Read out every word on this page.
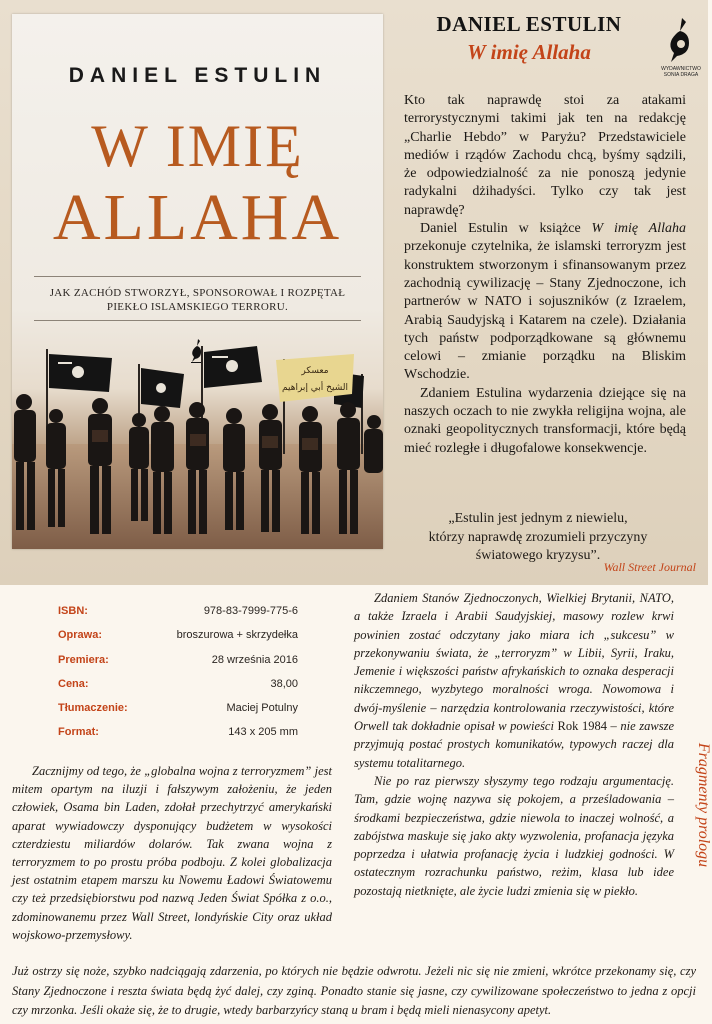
DANIEL ESTULIN
W IMIĘ
ALLAHA
JAK ZACHÓD STWORZYŁ, SPONSOROWAŁ I ROZPĘTAŁ
PIEKŁO ISLAMSKIEGO TERRORU.
معسكر
الشيخ أبي إبراهيم
DANIEL ESTULIN
W imię Allaha
WYDAWNICTWO
SONIA DRAGA

Kto tak naprawdę stoi za atakami terrorystycznymi takimi jak ten na redakcję „Charlie Hebdo” w Paryżu? Przedstawiciele mediów i rządów Zachodu chcą, byśmy sądzili, że odpowiedzialność za nie ponoszą jedynie radykalni dżihadyści. Tylko czy tak jest naprawdę?

Daniel Estulin w książce W imię Allaha przekonuje czytelnika, że islamski terroryzm jest konstruktem stworzonym i sfinansowanym przez zachodnią cywilizację – Stany Zjednoczone, ich partnerów w NATO i sojuszników (z Izraelem, Arabią Saudyjską i Katarem na czele). Działania tych państw podporządkowane są głównemu celowi – zmianie porządku na Bliskim Wschodzie.

Zdaniem Estulina wydarzenia dziejące się na naszych oczach to nie zwykła religijna wojna, ale oznaki geopolitycznych transformacji, które będą mieć rozległe i długofalowe konsekwencje.

„Estulin jest jednym z niewielu,
którzy naprawdę zrozumieli przyczyny
światowego kryzysu”.
Wall Street Journal
ISBN:	978-83-7999-775-6
Oprawa:	broszurowa + skrzydełka
Premiera:	28 września 2016
Cena:	38,00
Tłumaczenie:	Maciej Potulny
Format:	143 x 205 mm

Zacznijmy od tego, że „globalna wojna z terroryzmem” jest mitem opartym na iluzji i fałszywym założeniu, że jeden człowiek, Osama bin Laden, zdołał przechytrzyć amerykański aparat wywiadowczy dysponujący budżetem w wysokości czterdziestu miliardów dolarów. Tak zwana wojna z terroryzmem to po prostu próba podboju. Z kolei globalizacja jest ostatnim etapem marszu ku Nowemu Ładowi Światowemu czy też przedsiębiorstwu pod nazwą Jeden Świat Spółka z o.o., zdominowanemu przez Wall Street, londyńskie City oraz układ wojskowo-przemysłowy.

Zdaniem Stanów Zjednoczonych, Wielkiej Brytanii, NATO, a także Izraela i Arabii Saudyjskiej, masowy rozlew krwi powinien zostać odczytany jako miara ich „sukcesu” w przekonywaniu świata, że „terroryzm” w Libii, Syrii, Iraku, Jemenie i większości państw afrykańskich to oznaka desperacji nikczemnego, wyzbytego moralności wroga. Nowomowa i dwój-myślenie – narzędzia kontrolowania rzeczywistości, które Orwell tak dokładnie opisał w powieści Rok 1984 – nie zawsze przyjmują postać prostych komunikatów, typowych raczej dla systemu totalitarnego.

Nie po raz pierwszy słyszymy tego rodzaju argumentację. Tam, gdzie wojnę nazywa się pokojem, a prześladowania – środkami bezpieczeństwa, gdzie niewola to inaczej wolność, a zabójstwa maskuje się jako akty wyzwolenia, profanacja języka poprzedza i ułatwia profanację życia i ludzkiej godności. W ostatecznym rozrachunku państwo, reżim, klasa lub idee pozostają nietknięte, ale życie ludzi zmienia się w piekło.

Fragmenty prologu

Już ostrzy się noże, szybko nadciągają zdarzenia, po których nie będzie odwrotu. Jeżeli nic się nie zmieni, wkrótce przekonamy się, czy Stany Zjednoczone i reszta świata będą żyć dalej, czy zginą. Ponadto stanie się jasne, czy cywilizowane społeczeństwo to jedna z opcji czy mrzonka. Jeśli okaże się, że to drugie, wtedy barbarzyńcy staną u bram i będą mieli nienasycony apetyt.
